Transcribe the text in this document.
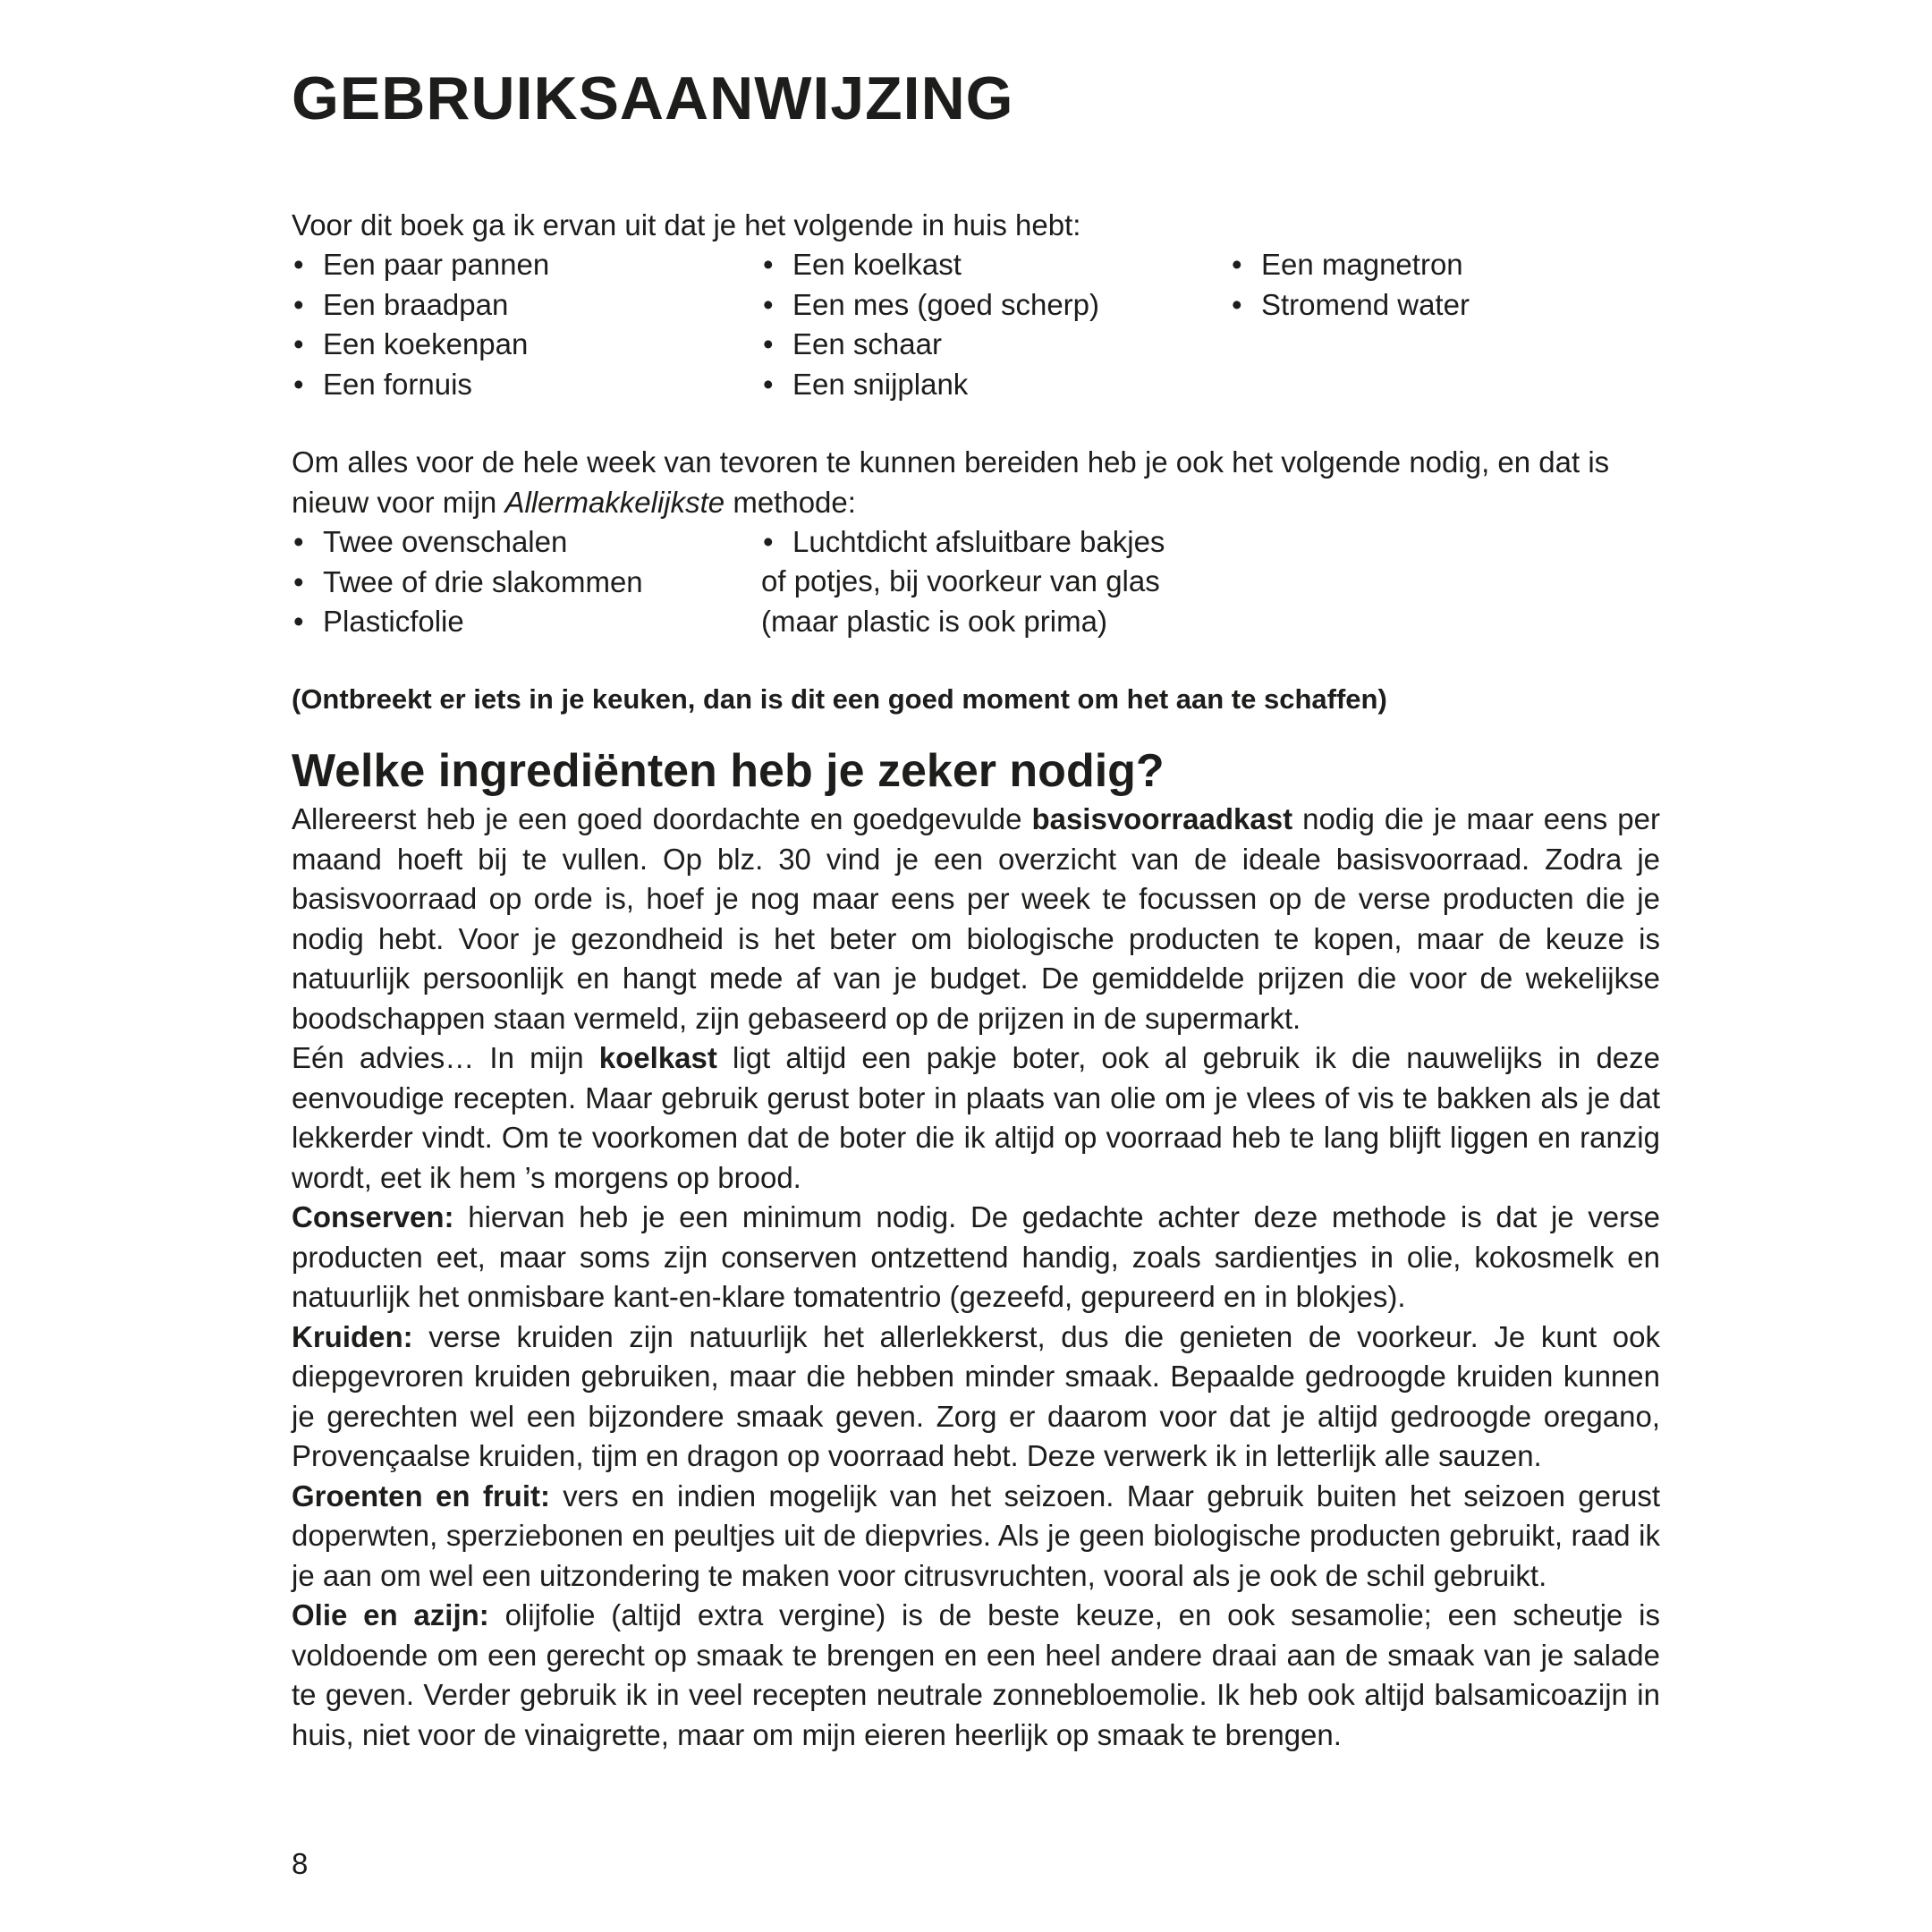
GEBRUIKSAANWIJZING

Voor dit boek ga ik ervan uit dat je het volgende in huis hebt:

• Een paar pannen
• Een braadpan
• Een koekenpan
• Een fornuis
• Een koelkast
• Een mes (goed scherp)
• Een schaar
• Een snijplank
• Een magnetron
• Stromend water

Om alles voor de hele week van tevoren te kunnen bereiden heb je ook het volgende nodig, en dat is nieuw voor mijn Allermakkelijkste methode:

• Twee ovenschalen
• Twee of drie slakommen
• Plasticfolie
• Luchtdicht afsluitbare bakjes
of potjes, bij voorkeur van glas
(maar plastic is ook prima)

(Ontbreekt er iets in je keuken, dan is dit een goed moment om het aan te schaffen)

Welke ingrediënten heb je zeker nodig?

Allereerst heb je een goed doordachte en goedgevulde basisvoorraadkast nodig die je maar eens per maand hoeft bij te vullen. Op blz. 30 vind je een overzicht van de ideale basisvoorraad. Zodra je basisvoorraad op orde is, hoef je nog maar eens per week te focussen op de verse producten die je nodig hebt. Voor je gezondheid is het beter om biologische producten te kopen, maar de keuze is natuurlijk persoonlijk en hangt mede af van je budget. De gemiddelde prijzen die voor de wekelijkse boodschappen staan vermeld, zijn gebaseerd op de prijzen in de supermarkt.

Eén advies… In mijn koelkast ligt altijd een pakje boter, ook al gebruik ik die nauwelijks in deze eenvoudige recepten. Maar gebruik gerust boter in plaats van olie om je vlees of vis te bakken als je dat lekkerder vindt. Om te voorkomen dat de boter die ik altijd op voorraad heb te lang blijft liggen en ranzig wordt, eet ik hem ’s morgens op brood.

Conserven: hiervan heb je een minimum nodig. De gedachte achter deze methode is dat je verse producten eet, maar soms zijn conserven ontzettend handig, zoals sardientjes in olie, kokosmelk en natuurlijk het onmisbare kant-en-klare tomatentrio (gezeefd, gepureerd en in blokjes).

Kruiden: verse kruiden zijn natuurlijk het allerlekkerst, dus die genieten de voorkeur. Je kunt ook diepgevroren kruiden gebruiken, maar die hebben minder smaak. Bepaalde gedroogde kruiden kunnen je gerechten wel een bijzondere smaak geven. Zorg er daarom voor dat je altijd gedroogde oregano, Provençaalse kruiden, tijm en dragon op voorraad hebt. Deze verwerk ik in letterlijk alle sauzen.

Groenten en fruit: vers en indien mogelijk van het seizoen. Maar gebruik buiten het seizoen gerust doperwten, sperziebonen en peultjes uit de diepvries. Als je geen biologische producten gebruikt, raad ik je aan om wel een uitzondering te maken voor citrusvruchten, vooral als je ook de schil gebruikt.

Olie en azijn: olijfolie (altijd extra vergine) is de beste keuze, en ook sesamolie; een scheutje is voldoende om een gerecht op smaak te brengen en een heel andere draai aan de smaak van je salade te geven. Verder gebruik ik in veel recepten neutrale zonnebloemolie. Ik heb ook altijd balsamicoazijn in huis, niet voor de vinaigrette, maar om mijn eieren heerlijk op smaak te brengen.

8
